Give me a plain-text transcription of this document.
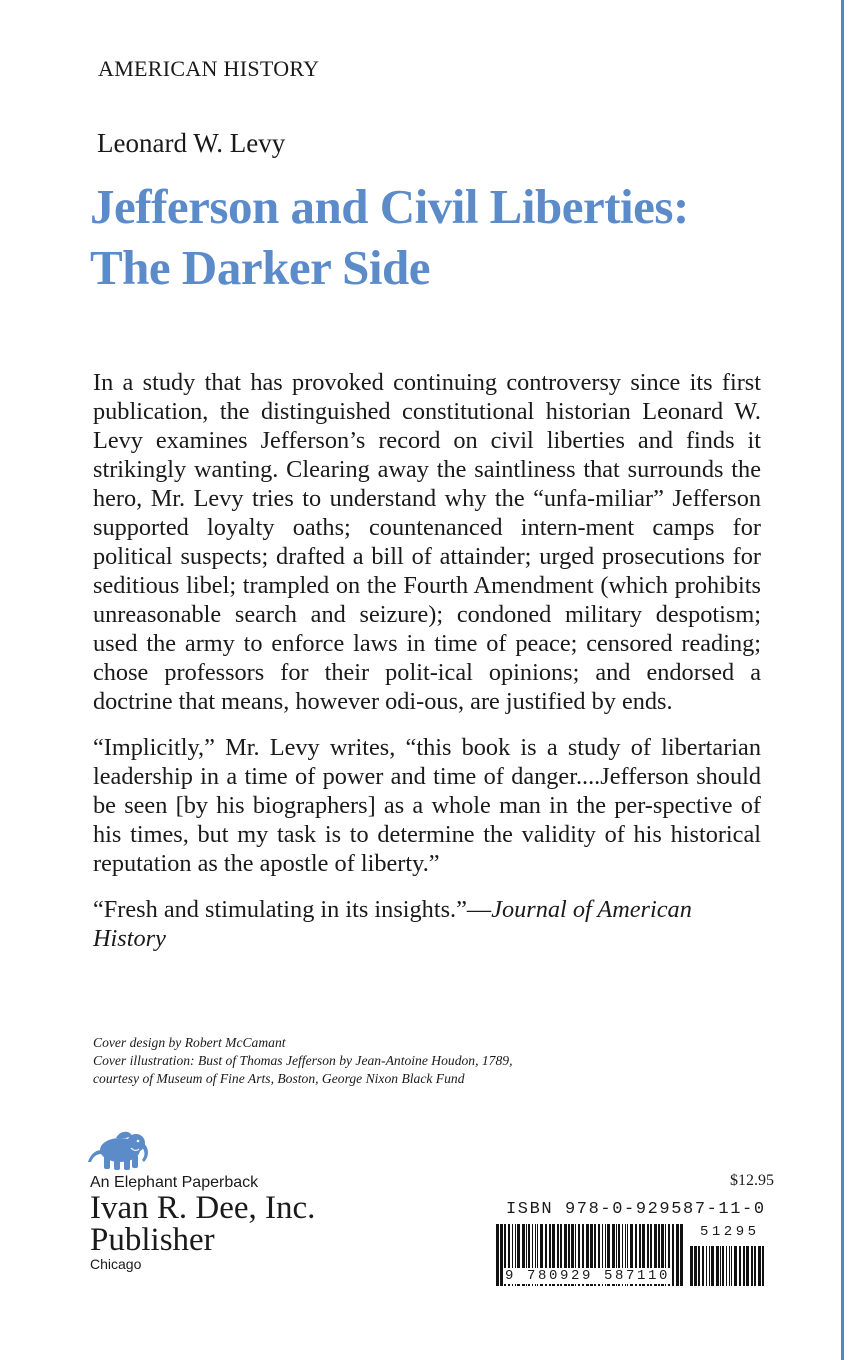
AMERICAN HISTORY
Leonard W. Levy
Jefferson and Civil Liberties:
The Darker Side

In a study that has provoked continuing controversy since its first publication, the distinguished constitutional historian Leonard W. Levy examines Jefferson’s record on civil liberties and finds it strikingly wanting. Clearing away the saintliness that surrounds the hero, Mr. Levy tries to understand why the “unfa-miliar” Jefferson supported loyalty oaths; countenanced intern-ment camps for political suspects; drafted a bill of attainder; urged prosecutions for seditious libel; trampled on the Fourth Amendment (which prohibits unreasonable search and seizure); condoned military despotism; used the army to enforce laws in time of peace; censored reading; chose professors for their polit-ical opinions; and endorsed a doctrine that means, however odi-ous, are justified by ends.

“Implicitly,” Mr. Levy writes, “this book is a study of libertarian leadership in a time of power and time of danger....Jefferson should be seen [by his biographers] as a whole man in the per-spective of his times, but my task is to determine the validity of his historical reputation as the apostle of liberty.”

“Fresh and stimulating in its insights.”—Journal of American History

Cover design by Robert McCamant
Cover illustration: Bust of Thomas Jefferson by Jean-Antoine Houdon, 1789,
courtesy of Museum of Fine Arts, Boston, George Nixon Black Fund
An Elephant Paperback
Ivan R. Dee, Inc.
Publisher
Chicago
$12.95
ISBN 978-0-929587-11-0
9 780929 587110
51295
